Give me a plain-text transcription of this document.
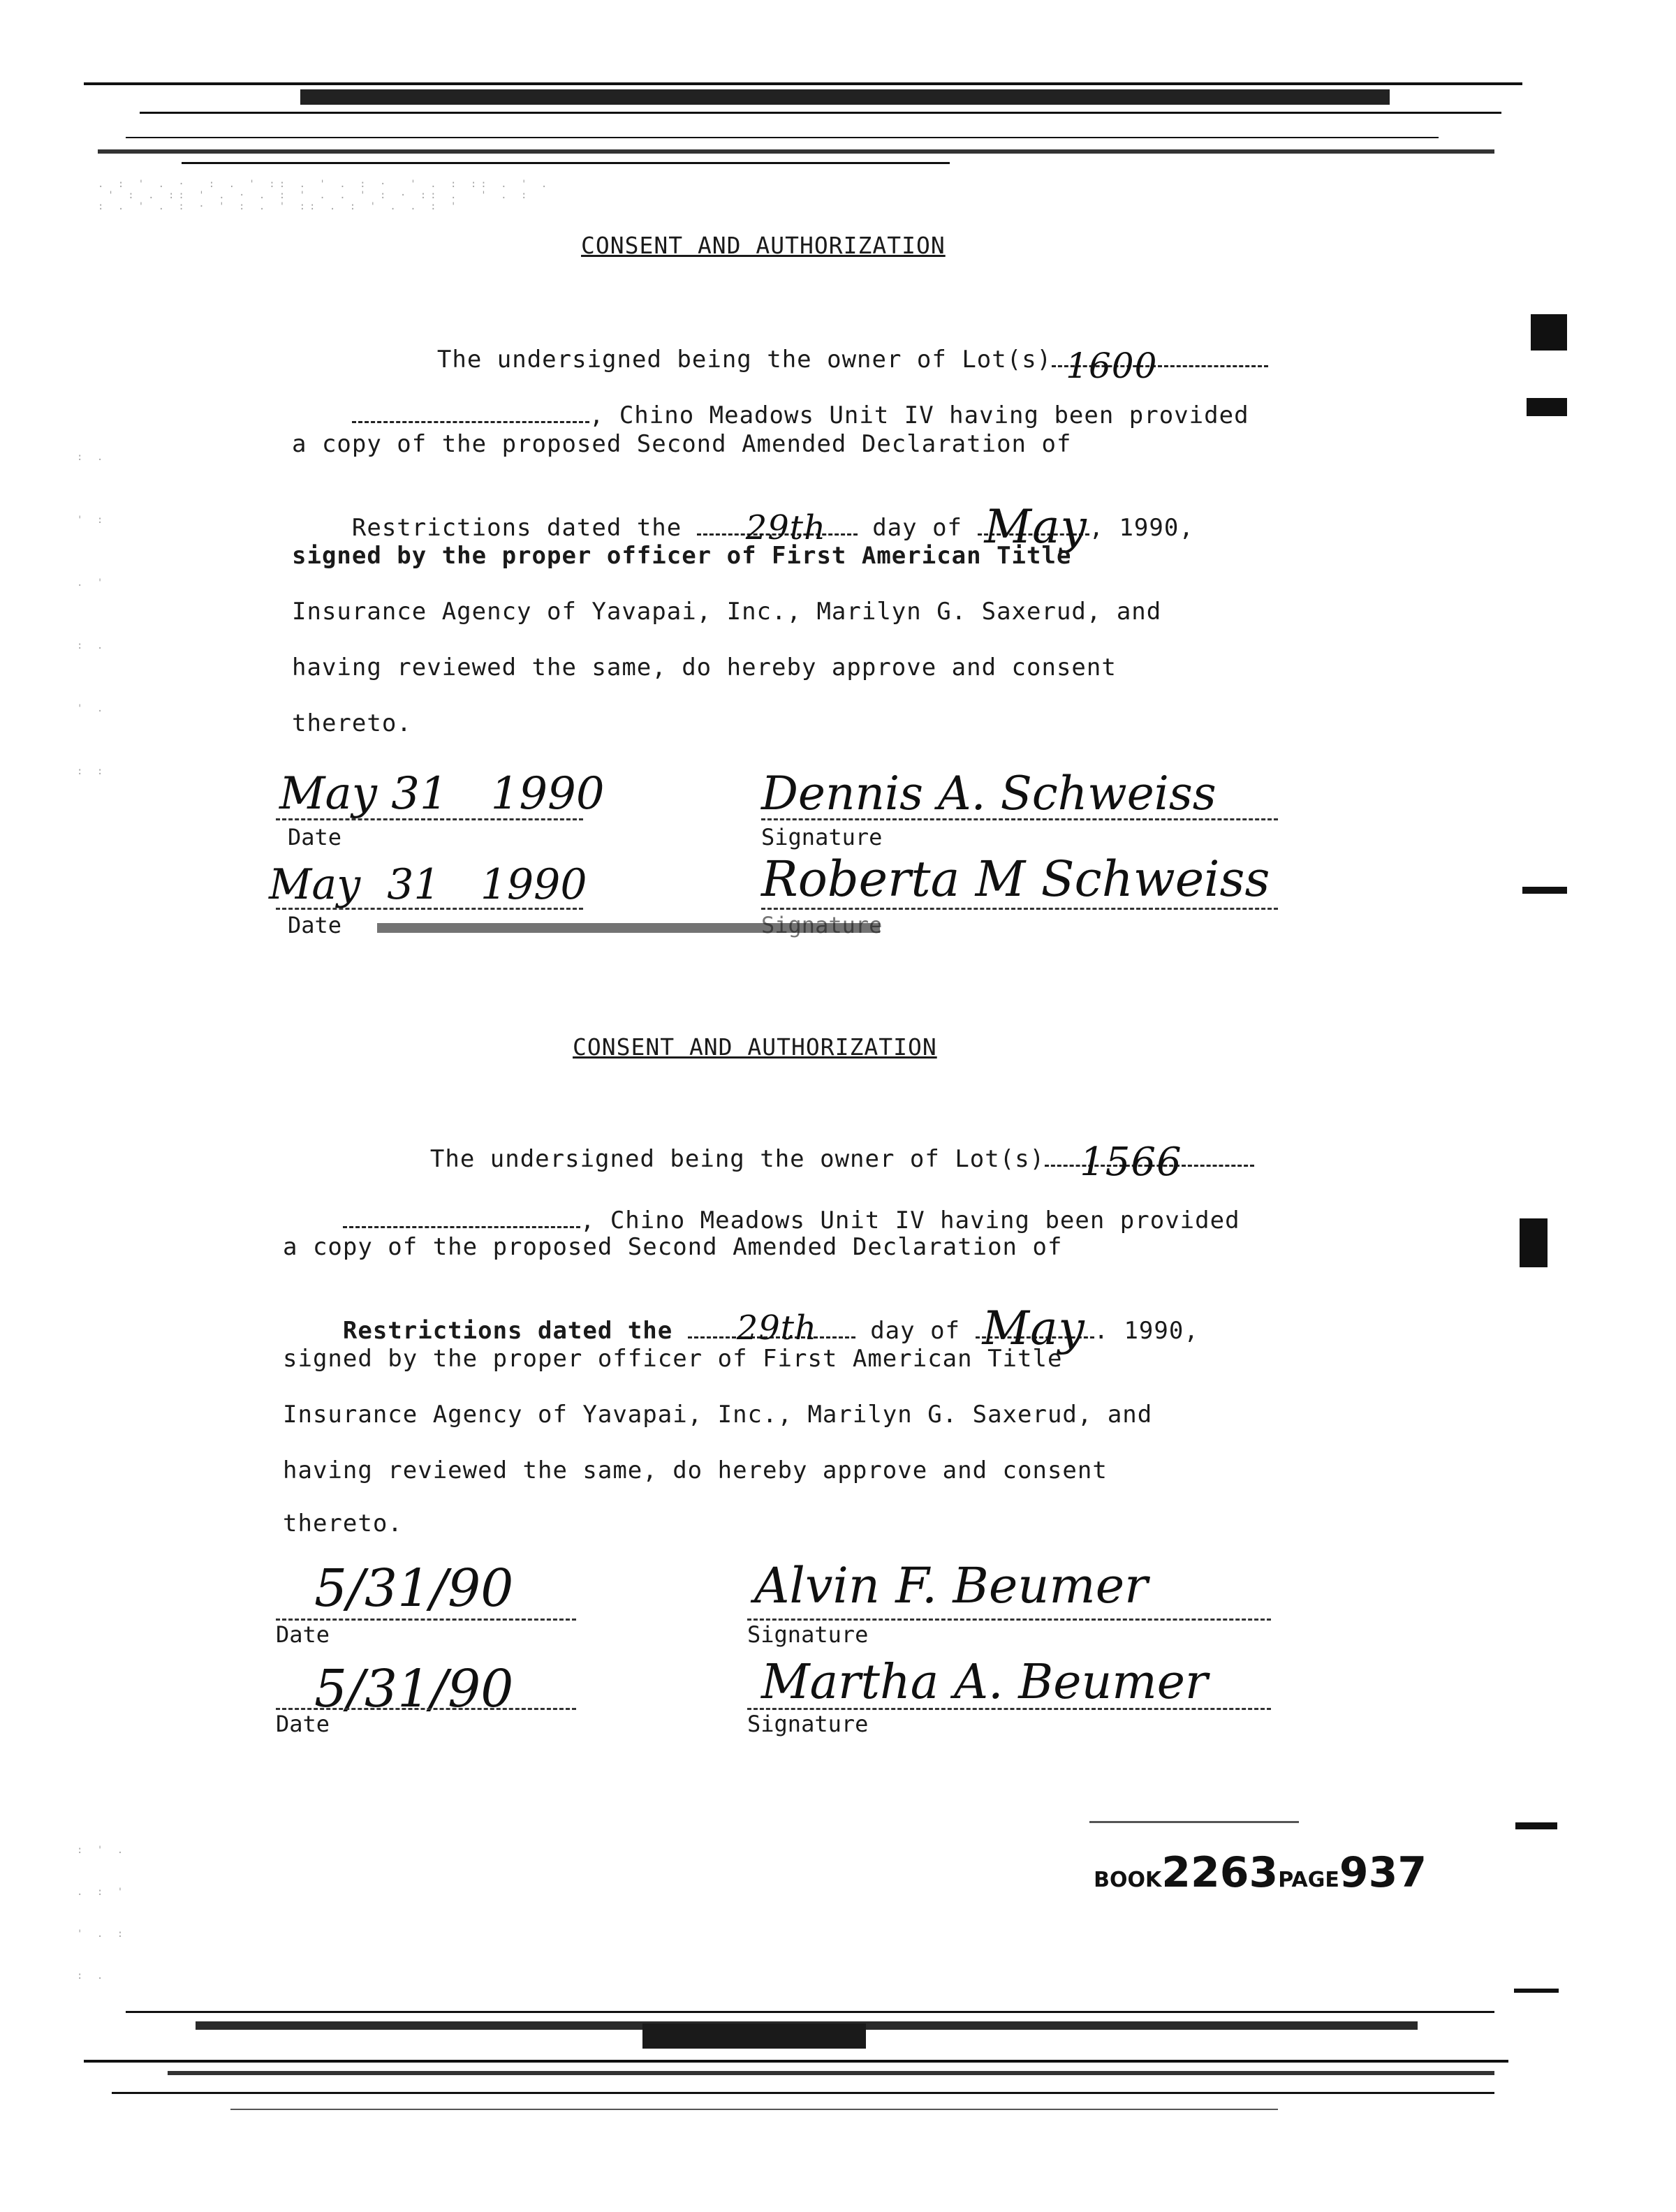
. : ' . ·  : . ' :: . ' . : ·  ' . : :: . ' .
' : . :: ' . · . : ' . . ' : · :: .  ' . :
: . ' . : · ' : . ' :: . : ' . . : '

: .
' :
. '
: .
' .
: :
CONSENT AND AUTHORIZATION

The undersigned being the owner of Lot(s) 1600

, Chino Meadows Unit IV having been provided

a copy of the proposed Second Amended Declaration of

Restrictions dated the 29th day of May , 1990,

signed by the proper officer of First American Title
Insurance Agency of Yavapai, Inc., Marilyn G. Saxerud, and
having reviewed the same, do hereby approve and consent
thereto.
May 31   1990
Date
Dennis A. Schweiss
Signature
May  31   1990
Date
Roberta M Schweiss
Signature
CONSENT AND AUTHORIZATION

The undersigned being the owner of Lot(s) 1566

, Chino Meadows Unit IV having been provided

a copy of the proposed Second Amended Declaration of

Restrictions dated the 29th day of May . 1990,

signed by the proper officer of First American Title
Insurance Agency of Yavapai, Inc., Marilyn G. Saxerud, and
having reviewed the same, do hereby approve and consent
thereto.
5/31/90
Date
Alvin F. Beumer
Signature
5/31/90
Date
Martha A. Beumer
Signature

BOOK2263PAGE937

: ' .
. : '
' . :
: .
